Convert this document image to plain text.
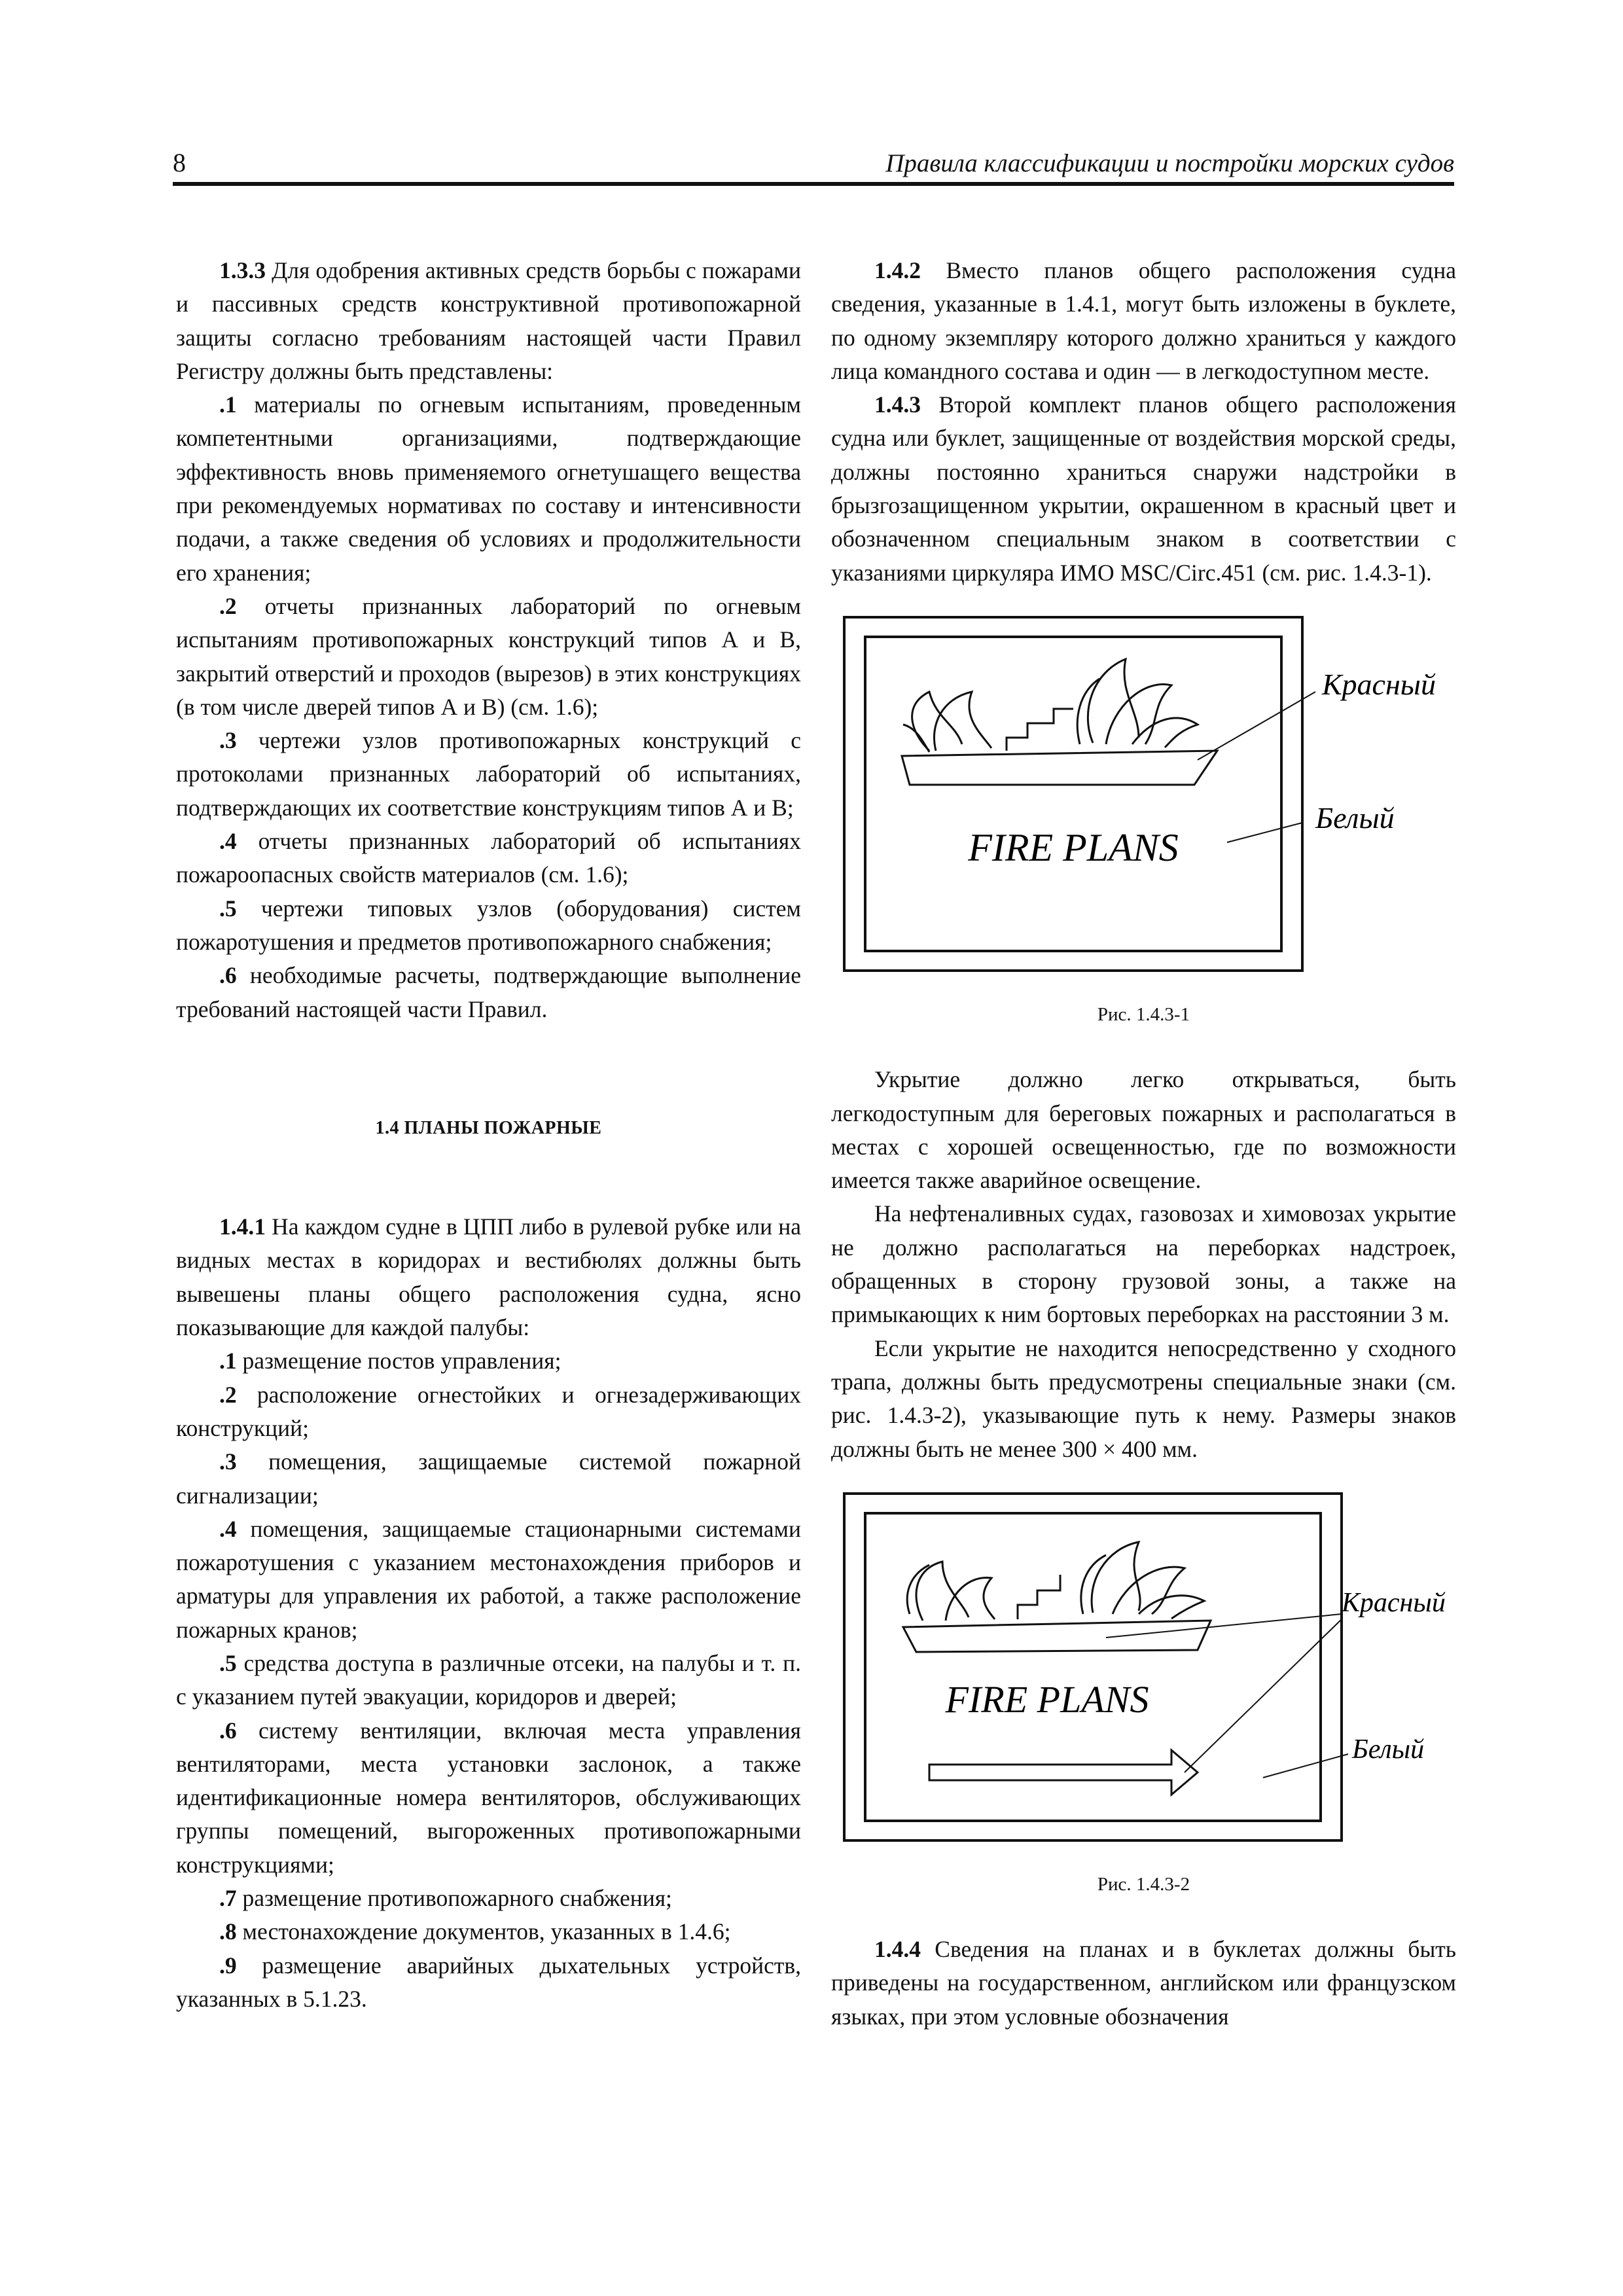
8	Правила классификации и постройки морских судов

1.3.3 Для одобрения активных средств борьбы с пожарами и пассивных средств конструктивной противопожарной защиты согласно требованиям настоящей части Правил Регистру должны быть представлены:

.1 материалы по огневым испытаниям, проведенным компетентными организациями, подтверждающие эффективность вновь применяемого огнетушащего вещества при рекомендуемых нормативах по составу и интенсивности подачи, а также сведения об условиях и продолжительности его хранения;

.2 отчеты признанных лабораторий по огневым испытаниям противопожарных конструкций типов А и В, закрытий отверстий и проходов (вырезов) в этих конструкциях (в том числе дверей типов А и В) (см. 1.6);

.3 чертежи узлов противопожарных конструкций с протоколами признанных лабораторий об испытаниях, подтверждающих их соответствие конструкциям типов А и В;

.4 отчеты признанных лабораторий об испытаниях пожароопасных свойств материалов (см. 1.6);

.5 чертежи типовых узлов (оборудования) систем пожаротушения и предметов противопожарного снабжения;

.6 необходимые расчеты, подтверждающие выполнение требований настоящей части Правил.

1.4 ПЛАНЫ ПОЖАРНЫЕ

1.4.1 На каждом судне в ЦПП либо в рулевой рубке или на видных местах в коридорах и вестибюлях должны быть вывешены планы общего расположения судна, ясно показывающие для каждой палубы:

.1 размещение постов управления;

.2 расположение огнестойких и огнезадерживающих конструкций;

.3 помещения, защищаемые системой пожарной сигнализации;

.4 помещения, защищаемые стационарными системами пожаротушения с указанием местонахождения приборов и арматуры для управления их работой, а также расположение пожарных кранов;

.5 средства доступа в различные отсеки, на палубы и т. п. с указанием путей эвакуации, коридоров и дверей;

.6 систему вентиляции, включая места управления вентиляторами, места установки заслонок, а также идентификационные номера вентиляторов, обслуживающих группы помещений, выгороженных противопожарными конструкциями;

.7 размещение противопожарного снабжения;

.8 местонахождение документов, указанных в 1.4.6;

.9 размещение аварийных дыхательных устройств, указанных в 5.1.23.

1.4.2 Вместо планов общего расположения судна сведения, указанные в 1.4.1, могут быть изложены в буклете, по одному экземпляру которого должно храниться у каждого лица командного состава и один — в легкодоступном месте.

1.4.3 Второй комплект планов общего расположения судна или буклет, защищенные от воздействия морской среды, должны постоянно храниться снаружи надстройки в брызгозащищенном укрытии, окрашенном в красный цвет и обозначенном специальным знаком в соответствии с указаниями циркуляра ИМО MSC/Circ.451 (см. рис. 1.4.3-1).

FIRE PLANS
Красный
Белый

Рис. 1.4.3-1

Укрытие должно легко открываться, быть легкодоступным для береговых пожарных и располагаться в местах с хорошей освещенностью, где по возможности имеется также аварийное освещение.

На нефтеналивных судах, газовозах и химовозах укрытие не должно располагаться на переборках надстроек, обращенных в сторону грузовой зоны, а также на примыкающих к ним бортовых переборках на расстоянии 3 м.

Если укрытие не находится непосредственно у сходного трапа, должны быть предусмотрены специальные знаки (см. рис. 1.4.3-2), указывающие путь к нему. Размеры знаков должны быть не менее 300 × 400 мм.

FIRE PLANS
Красный
Белый

Рис. 1.4.3-2

1.4.4 Сведения на планах и в буклетах должны быть приведены на государственном, английском или французском языках, при этом условные обозначения
